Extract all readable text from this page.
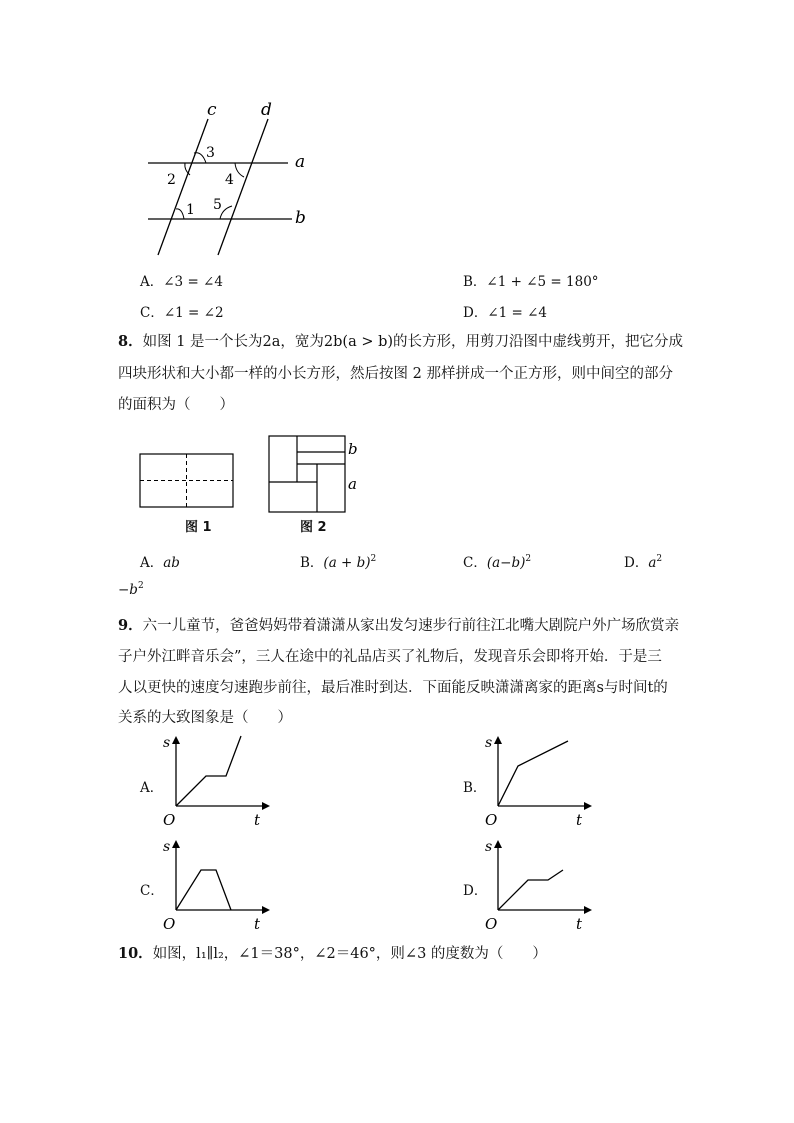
c	d
a
b
3
2	4
1 5
A．∠3 = ∠4	B．∠1 + ∠5 = 180°
C．∠1 = ∠2	D．∠1 = ∠4
8．如图 1 是一个长为2a，宽为2b(a > b)的长方形，用剪刀沿图中虚线剪开，把它分成
四块形状和大小都一样的小长方形，然后按图 2 那样拼成一个正方形，则中间空的部分
的面积为（　　）
图 1
b
a
图 2
A．ab	B．$(a + b)^2$	C．$(a-b)^2$	D．$a^2$
$-b^2$
9．六一儿童节，爸爸妈妈带着潇潇从家出发匀速步行前往江北嘴大剧院户外广场欣赏亲
子户外江畔音乐会”，三人在途中的礼品店买了礼物后，发现音乐会即将开始．于是三
人以更快的速度匀速跑步前往，最后准时到达．下面能反映潇潇离家的距离s与时间t的
关系的大致图象是（　　）
A．	B．
C．	D．
s
t
O
s
t
O
s
t
O
s
t
O
10．如图，l₁∥l₂，∠1＝38°，∠2＝46°，则∠3 的度数为（　　）
